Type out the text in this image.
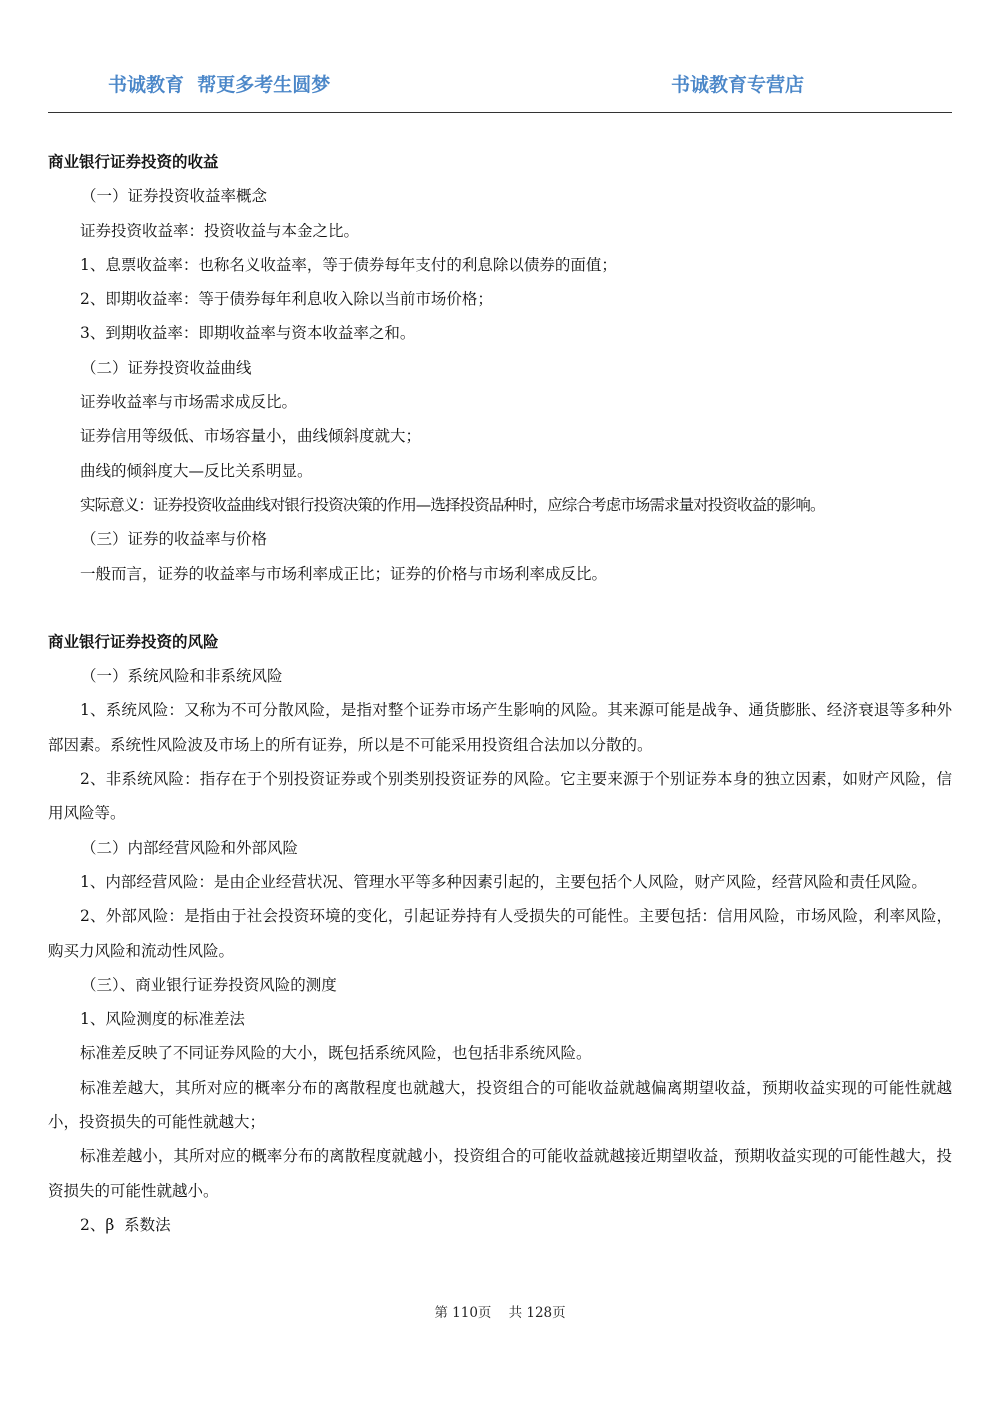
书诚教育  帮更多考生圆梦	书诚教育专营店

商业银行证券投资的收益

（一）证券投资收益率概念

证券投资收益率：投资收益与本金之比。

1、息票收益率：也称名义收益率，等于债券每年支付的利息除以债券的面值；

2、即期收益率：等于债券每年利息收入除以当前市场价格；

3、到期收益率：即期收益率与资本收益率之和。

（二）证券投资收益曲线

证券收益率与市场需求成反比。

证券信用等级低、市场容量小，曲线倾斜度就大；

曲线的倾斜度大—反比关系明显。

实际意义：证券投资收益曲线对银行投资决策的作用—选择投资品种时，应综合考虑市场需求量对投资收益的影响。

（三）证券的收益率与价格

一般而言，证券的收益率与市场利率成正比；证券的价格与市场利率成反比。

商业银行证券投资的风险

（一）系统风险和非系统风险

1、系统风险：又称为不可分散风险，是指对整个证券市场产生影响的风险。其来源可能是战争、通货膨胀、经济衰退等多种外部因素。系统性风险波及市场上的所有证券，所以是不可能采用投资组合法加以分散的。

2、非系统风险：指存在于个别投资证券或个别类别投资证券的风险。它主要来源于个别证券本身的独立因素，如财产风险，信用风险等。

（二）内部经营风险和外部风险

1、内部经营风险：是由企业经营状况、管理水平等多种因素引起的，主要包括个人风险，财产风险，经营风险和责任风险。

2、外部风险：是指由于社会投资环境的变化，引起证券持有人受损失的可能性。主要包括：信用风险，市场风险，利率风险，购买力风险和流动性风险。

（三）、商业银行证券投资风险的测度

1、风险测度的标准差法

标准差反映了不同证券风险的大小，既包括系统风险，也包括非系统风险。

标准差越大，其所对应的概率分布的离散程度也就越大，投资组合的可能收益就越偏离期望收益，预期收益实现的可能性就越小，投资损失的可能性就越大；

标准差越小，其所对应的概率分布的离散程度就越小，投资组合的可能收益就越接近期望收益，预期收益实现的可能性越大，投资损失的可能性就越小。

2、β  系数法

第 110页    共 128页
